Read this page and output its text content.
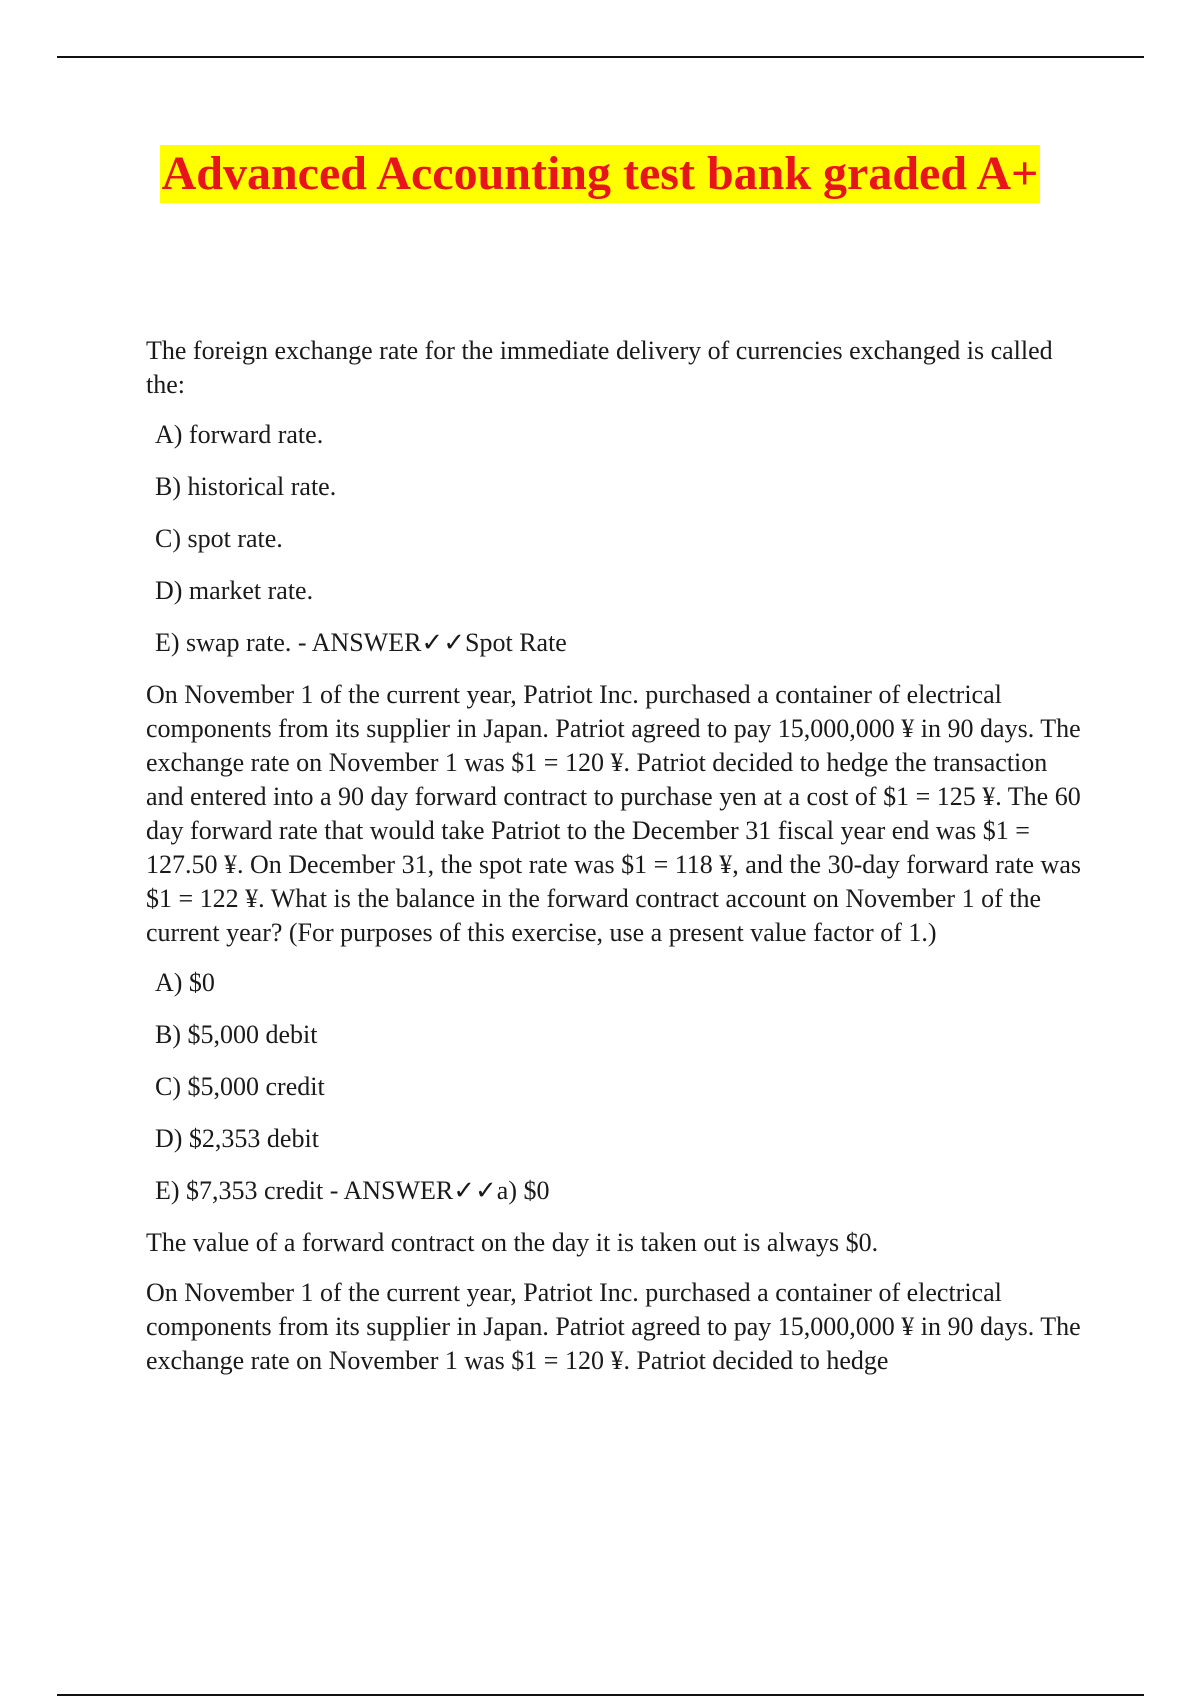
Advanced Accounting test bank graded A+

The foreign exchange rate for the immediate delivery of currencies exchanged is called the:

A) forward rate.

B) historical rate.

C) spot rate.

D) market rate.

E) swap rate. - ANSWER✓✓Spot Rate

On November 1 of the current year, Patriot Inc. purchased a container of electrical components from its supplier in Japan. Patriot agreed to pay 15,000,000 ¥ in 90 days. The exchange rate on November 1 was $1 = 120 ¥. Patriot decided to hedge the transaction and entered into a 90 day forward contract to purchase yen at a cost of $1 = 125 ¥. The 60 day forward rate that would take Patriot to the December 31 fiscal year end was $1 = 127.50 ¥. On December 31, the spot rate was $1 = 118 ¥, and the 30-day forward rate was $1 = 122 ¥. What is the balance in the forward contract account on November 1 of the current year? (For purposes of this exercise, use a present value factor of 1.)

A) $0

B) $5,000 debit

C) $5,000 credit

D) $2,353 debit

E) $7,353 credit - ANSWER✓✓a) $0

The value of a forward contract on the day it is taken out is always $0.

On November 1 of the current year, Patriot Inc. purchased a container of electrical components from its supplier in Japan. Patriot agreed to pay 15,000,000 ¥ in 90 days. The exchange rate on November 1 was $1 = 120 ¥. Patriot decided to hedge
